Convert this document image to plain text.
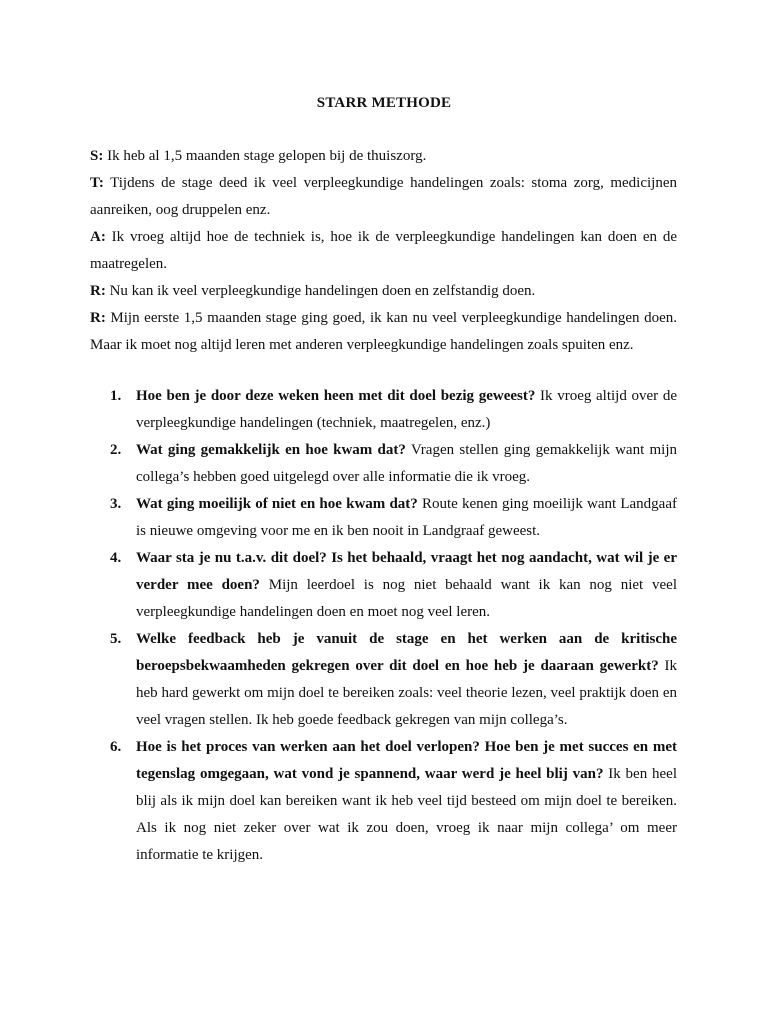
STARR METHODE

S: Ik heb al 1,5 maanden stage gelopen bij de thuiszorg.

T: Tijdens de stage deed ik veel verpleegkundige handelingen zoals: stoma zorg, medicijnen aanreiken, oog druppelen enz.

A: Ik vroeg altijd hoe de techniek is, hoe ik de verpleegkundige handelingen kan doen en de maatregelen.

R: Nu kan ik veel verpleegkundige handelingen doen en zelfstandig doen.

R: Mijn eerste 1,5 maanden stage ging goed, ik kan nu veel verpleegkundige handelingen doen. Maar ik moet nog altijd leren met anderen verpleegkundige handelingen zoals spuiten enz.

1. Hoe ben je door deze weken heen met dit doel bezig geweest? Ik vroeg altijd over de verpleegkundige handelingen (techniek, maatregelen, enz.)
2. Wat ging gemakkelijk en hoe kwam dat? Vragen stellen ging gemakkelijk want mijn collega’s hebben goed uitgelegd over alle informatie die ik vroeg.
3. Wat ging moeilijk of niet en hoe kwam dat? Route kenen ging moeilijk want Landgaaf is nieuwe omgeving voor me en ik ben nooit in Landgraaf geweest.
4. Waar sta je nu t.a.v. dit doel? Is het behaald, vraagt het nog aandacht, wat wil je er verder mee doen? Mijn leerdoel is nog niet behaald want ik kan nog niet veel verpleegkundige handelingen doen en moet nog veel leren.
5. Welke feedback heb je vanuit de stage en het werken aan de kritische beroepsbekwaamheden gekregen over dit doel en hoe heb je daaraan gewerkt? Ik heb hard gewerkt om mijn doel te bereiken zoals: veel theorie lezen, veel praktijk doen en veel vragen stellen. Ik heb goede feedback gekregen van mijn collega’s.
6. Hoe is het proces van werken aan het doel verlopen? Hoe ben je met succes en met tegenslag omgegaan, wat vond je spannend, waar werd je heel blij van? Ik ben heel blij als ik mijn doel kan bereiken want ik heb veel tijd besteed om mijn doel te bereiken. Als ik nog niet zeker over wat ik zou doen, vroeg ik naar mijn collega’ om meer informatie te krijgen.
